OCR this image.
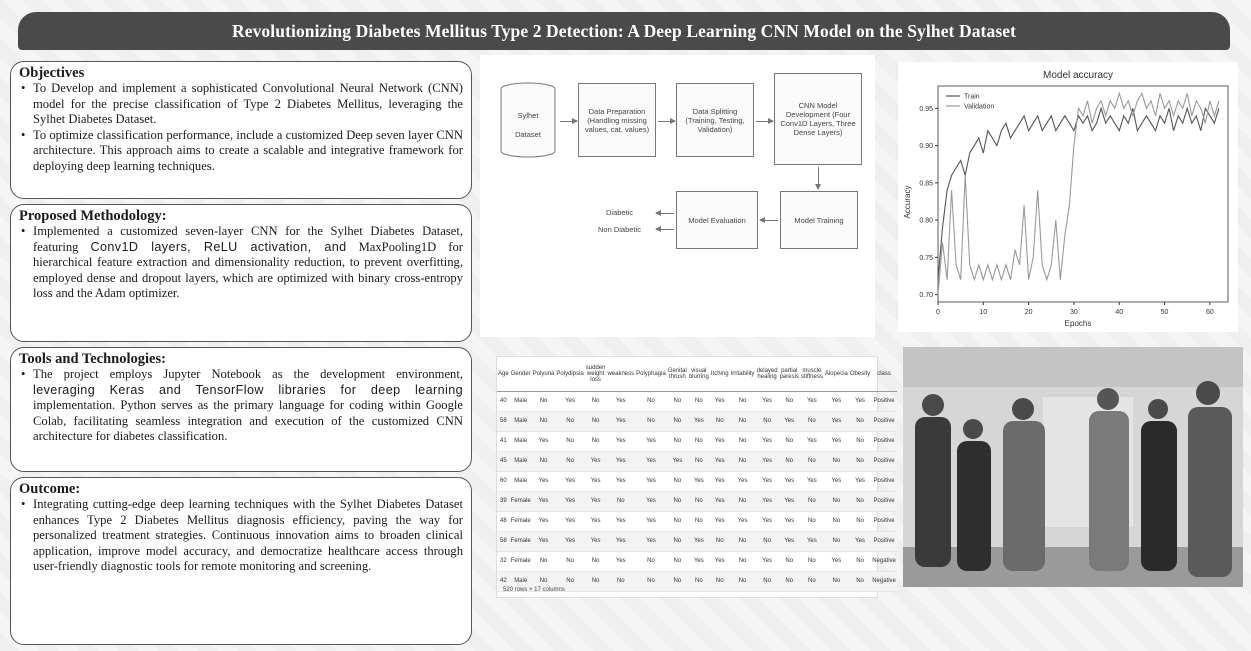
Revolutionizing Diabetes Mellitus Type 2 Detection: A Deep Learning CNN Model on the Sylhet Dataset
Objectives
• To Develop and implement a sophisticated Convolutional Neural Network (CNN) model for the precise classification of Type 2 Diabetes Mellitus, leveraging the Sylhet Diabetes Dataset.
• To optimize classification performance, include a customized Deep seven layer CNN architecture. This approach aims to create a scalable and integrative framework for deploying deep learning techniques.
Proposed Methodology:
• Implemented a customized seven-layer CNN for the Sylhet Diabetes Dataset, featuring Conv1D layers, ReLU activation, and MaxPooling1D for hierarchical feature extraction and dimensionality reduction, to prevent overfitting, employed dense and dropout layers, which are optimized with binary cross-entropy loss and the Adam optimizer.
Tools and Technologies:
• The project employs Jupyter Notebook as the development environment, leveraging Keras and TensorFlow libraries for deep learning implementation. Python serves as the primary language for coding within Google Colab, facilitating seamless integration and execution of the customized CNN architecture for diabetes classification.
Outcome:
• Integrating cutting-edge deep learning techniques with the Sylhet Diabetes Dataset enhances Type 2 Diabetes Mellitus diagnosis efficiency, paving the way for personalized treatment strategies. Continuous innovation aims to broaden clinical application, improve model accuracy, and democratize healthcare access through user-friendly diagnostic tools for remote monitoring and screening.
Sylhet
Dataset
Data Preparation (Handling missing values, cat. values)
Data Splitting (Training, Testing, Validation)
CNN Model Development (Four Conv1D Layers, Three Dense Layers)
Model Training
Model Evaluation
Diabetic
Non Diabetic
Model accuracy
Epochs
Accuracy
0	10	20	30	40	50	60
0.70
0.75
0.80
0.85
0.90
0.95
Train
Validation
Age	Gender	Polyuria	Polydipsia	sudden weight loss	weakness	Polyphagia	Genital thrush	visual blurring	Itching	Irritability	delayed healing	partial paresis	muscle stiffness	Alopecia	Obesity	class
40	Male	No	Yes	No	Yes	No	No	No	Yes	No	Yes	No	Yes	Yes	Yes	Positive
58	Male	No	No	No	Yes	No	No	Yes	No	No	No	Yes	No	Yes	No	Positive
41	Male	Yes	No	No	Yes	Yes	No	No	Yes	No	Yes	No	Yes	Yes	No	Positive
45	Male	No	No	Yes	Yes	Yes	Yes	No	Yes	No	Yes	No	No	No	No	Positive
60	Male	Yes	Yes	Yes	Yes	Yes	No	Yes	Yes	Yes	Yes	Yes	Yes	Yes	Yes	Positive
39	Female	Yes	Yes	Yes	No	Yes	No	No	Yes	No	Yes	Yes	No	No	No	Positive
48	Female	Yes	Yes	Yes	Yes	Yes	No	No	Yes	Yes	Yes	Yes	No	No	No	Positive
58	Female	Yes	Yes	Yes	Yes	Yes	No	Yes	No	No	No	Yes	Yes	No	Yes	Positive
32	Female	No	No	No	Yes	No	No	Yes	Yes	No	Yes	No	No	Yes	No	Negative
42	Male	No	No	No	No	No	No	No	No	No	No	No	No	No	No	Negative
520 rows × 17 columns
